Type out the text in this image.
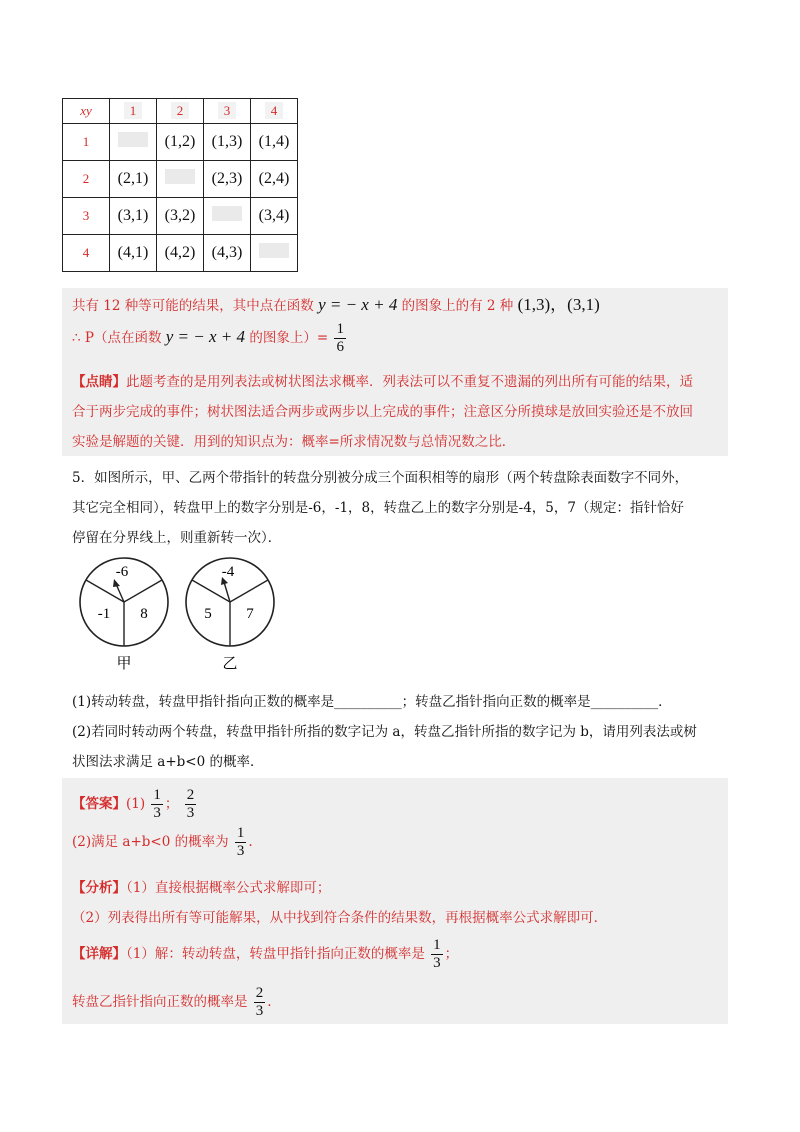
xy	1	2	3	4
1		(1,2)	(1,3)	(1,4)
2	(2,1)		(2,3)	(2,4)
3	(3,1)	(3,2)		(3,4)
4	(4,1)	(4,2)	(4,3)	
共有 12 种等可能的结果，其中点在函数 y = − x + 4 的图象上的有 2 种 (1,3)，(3,1)
∴ P（点在函数 y = − x + 4 的图象上）= $\frac{1}{6}$
【点睛】此题考查的是用列表法或树状图法求概率．列表法可以不重复不遗漏的列出所有可能的结果，适
合于两步完成的事件；树状图法适合两步或两步以上完成的事件；注意区分所摸球是放回实验还是不放回
实验是解题的关键．用到的知识点为：概率=所求情况数与总情况数之比．
5．如图所示，甲、乙两个带指针的转盘分别被分成三个面积相等的扇形（两个转盘除表面数字不同外，
其它完全相同），转盘甲上的数字分别是-6，-1，8，转盘乙上的数字分别是-4，5，7（规定：指针恰好
停留在分界线上，则重新转一次）．
-6
-1 8
甲
-4
5 7
乙
(1)转动转盘，转盘甲指针指向正数的概率是__________；转盘乙指针指向正数的概率是__________．
(2)若同时转动两个转盘，转盘甲指针所指的数字记为 a，转盘乙指针所指的数字记为 b，请用列表法或树
状图法求满足 a+b<0 的概率．
【答案】$(1) \frac{1}{3}$ ； $\frac{2}{3}$
(2)满足 a+b<0 的概率为 $\frac{1}{3}$ .
【分析】（1）直接根据概率公式求解即可；
（2）列表得出所有等可能解果，从中找到符合条件的结果数，再根据概率公式求解即可．
【详解】（1）解：转动转盘，转盘甲指针指向正数的概率是 $\frac{1}{3}$ ；
转盘乙指针指向正数的概率是 $\frac{2}{3}$ .
